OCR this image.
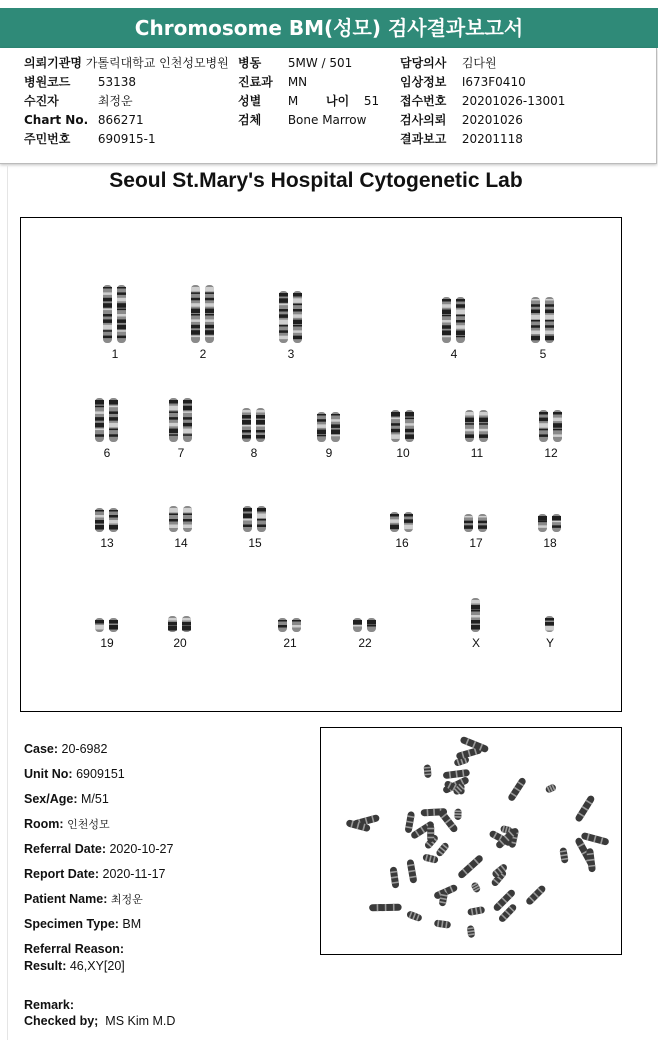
Chromosome BM(성모) 검사결과보고서
의뢰기관명 가톨릭대학교 인천성모병원
병원코드 53138
수진자	최정운
Chart No. 866271
주민번호 690915-1
병동 5MW / 501
진료과 MN
성별 M 나이 51
검체 Bone Marrow
담당의사 김다원
임상정보 I673F0410
접수번호 20201026-13001
검사의뢰 20201026
결과보고 20201118
Seoul St.Mary's Hospital Cytogenetic Lab
1	2	3	4	5
6	7	8	9	10	11	12
13	14	15	16	17	18
19	20	21	22	X	Y
Case: 20-6982
Unit No: 6909151
Sex/Age: M/51
Room: 인천성모
Referral Date: 2020-10-27
Report Date: 2020-11-17
Patient Name: 최정운
Specimen Type: BM
Referral Reason:
Result: 46,XY[20]
Remark:
Checked by; MS Kim M.D
